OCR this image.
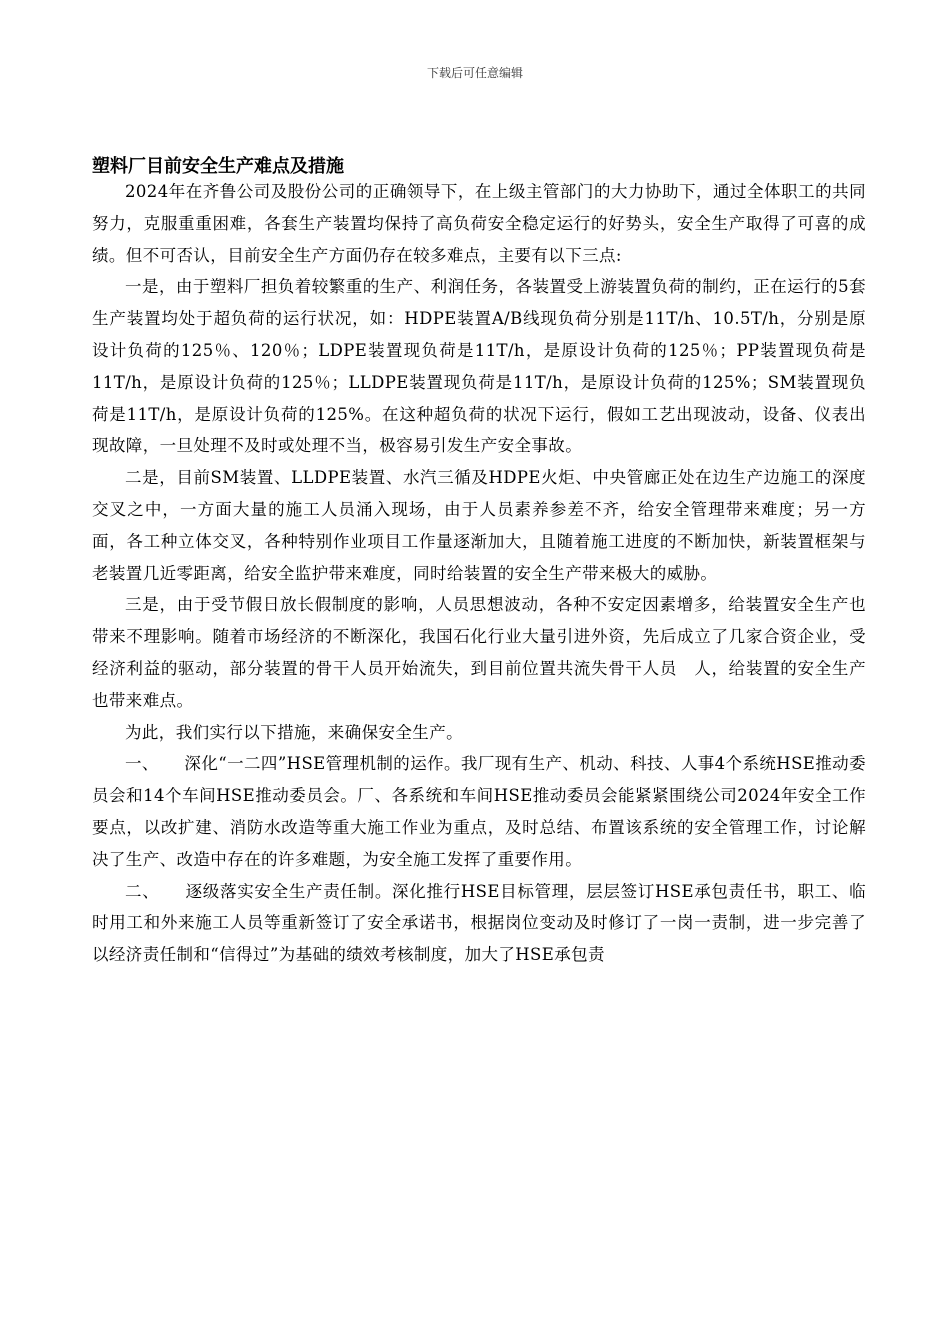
下载后可任意编辑
塑料厂目前安全生产难点及措施

2024年在齐鲁公司及股份公司的正确领导下，在上级主管部门的大力协助下，通过全体职工的共同努力，克服重重困难，各套生产装置均保持了高负荷安全稳定运行的好势头，安全生产取得了可喜的成绩。但不可否认，目前安全生产方面仍存在较多难点，主要有以下三点:

一是，由于塑料厂担负着较繁重的生产、利润任务，各装置受上游装置负荷的制约，正在运行的5套生产装置均处于超负荷的运行状况，如：HDPE装置A/B线现负荷分别是11T/h、10.5T/h，分别是原设计负荷的125％、120％；LDPE装置现负荷是11T/h，是原设计负荷的125％；PP装置现负荷是11T/h，是原设计负荷的125％；LLDPE装置现负荷是11T/h，是原设计负荷的125%；SM装置现负荷是11T/h，是原设计负荷的125%。在这种超负荷的状况下运行，假如工艺出现波动，设备、仪表出现故障，一旦处理不及时或处理不当，极容易引发生产安全事故。

二是，目前SM装置、LLDPE装置、水汽三循及HDPE火炬、中央管廊正处在边生产边施工的深度交叉之中，一方面大量的施工人员涌入现场，由于人员素养参差不齐，给安全管理带来难度；另一方面，各工种立体交叉，各种特别作业项目工作量逐渐加大，且随着施工进度的不断加快，新装置框架与老装置几近零距离，给安全监护带来难度，同时给装置的安全生产带来极大的威胁。

三是，由于受节假日放长假制度的影响，人员思想波动，各种不安定因素增多，给装置安全生产也带来不理影响。随着市场经济的不断深化，我国石化行业大量引进外资，先后成立了几家合资企业，受经济利益的驱动，部分装置的骨干人员开始流失，到目前位置共流失骨干人员　人，给装置的安全生产也带来难点。

为此，我们实行以下措施，来确保安全生产。

一、　　深化“一二四”HSE管理机制的运作。我厂现有生产、机动、科技、人事4个系统HSE推动委员会和14个车间HSE推动委员会。厂、各系统和车间HSE推动委员会能紧紧围绕公司2024年安全工作要点，以改扩建、消防水改造等重大施工作业为重点，及时总结、布置该系统的安全管理工作，讨论解决了生产、改造中存在的许多难题，为安全施工发挥了重要作用。

二、　　逐级落实安全生产责任制。深化推行HSE目标管理，层层签订HSE承包责任书，职工、临时用工和外来施工人员等重新签订了安全承诺书，根据岗位变动及时修订了一岗一责制，进一步完善了以经济责任制和“信得过”为基础的绩效考核制度，加大了HSE承包责
